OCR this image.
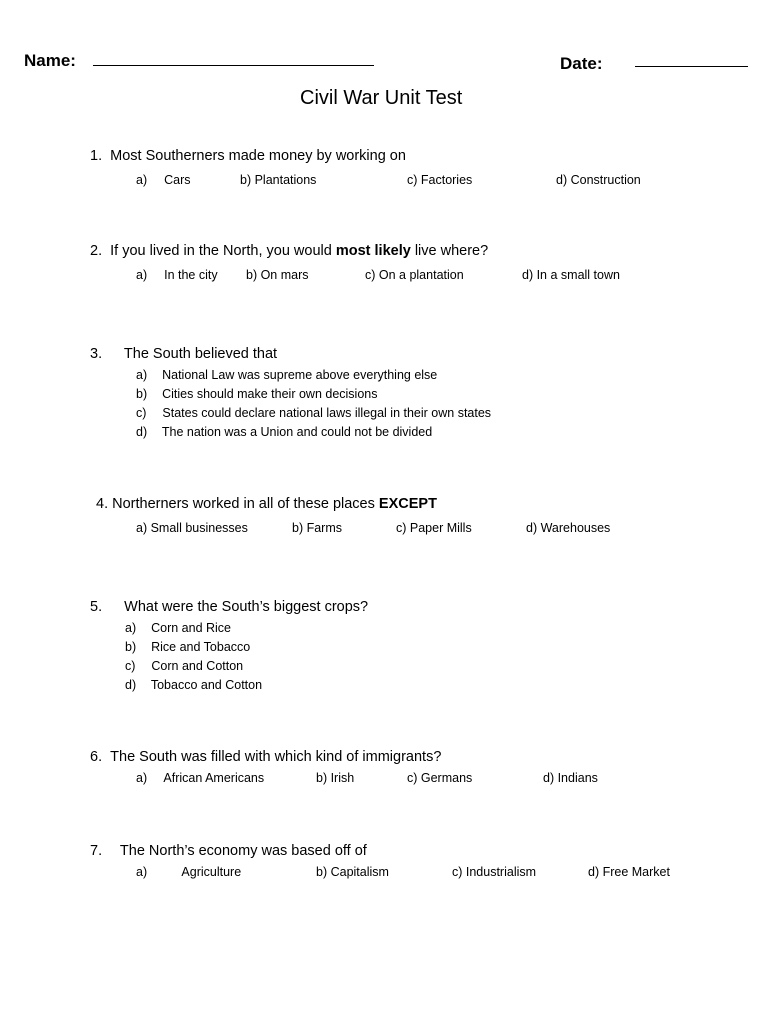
Name:	Date:
Civil War Unit Test
1. Most Southerners made money by working on
a) Cars	b) Plantations	c) Factories	d) Construction
2. If you lived in the North, you would most likely live where?
a) In the city b) On mars	c) On a plantation	d) In a small town
3. The South believed that
a) National Law was supreme above everything else
b) Cities should make their own decisions
c) States could declare national laws illegal in their own states
d) The nation was a Union and could not be divided
4. Northerners worked in all of these places EXCEPT
a) Small businesses	b) Farms	c) Paper Mills	d) Warehouses
5. What were the South’s biggest crops?
a) Corn and Rice
b) Rice and Tobacco
c) Corn and Cotton
d) Tobacco and Cotton
6. The South was filled with which kind of immigrants?
a) African Americans	b) Irish	c) Germans	d) Indians
7. The North’s economy was based off of
a)	Agriculture	b) Capitalism	c) Industrialism	d) Free Market
